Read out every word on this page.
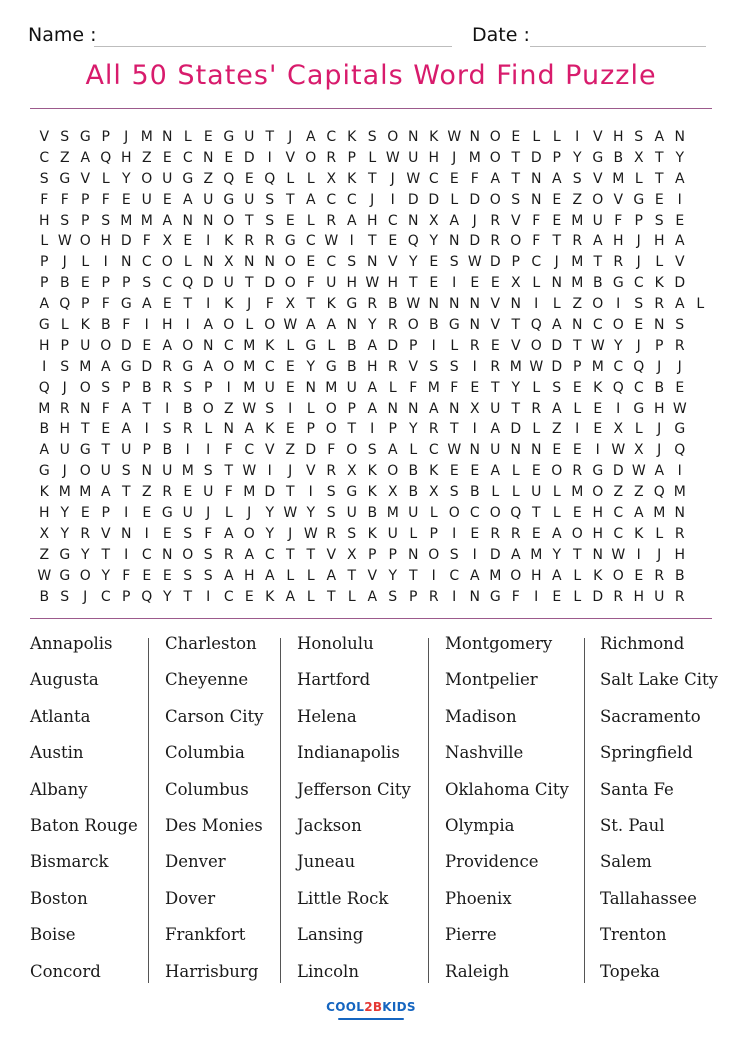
Name :	Date :
All 50 States' Capitals Word Find Puzzle
V S G P	J M N L E G U T	J A C K S O N K W N O E L L	I V H S A N
C Z A Q H Z E C N E D I V O R P L W U H J M O T D P Y G B X T Y
S G V L Y O U G Z Q E Q L L X K T	J W C E F A T N A S V M L T A
F F P F E U E A U G U S T A C C J	I D D L D O S N E Z O V G E	I
H S P S M M A N N O T S E L R A H C N X A J R V F E M U F P S E
L W O H D F X E	I K R R G C W I	T E Q Y N D R O F T R A H J H A
P	J	L	I N C O L N X N N O E C S N V Y E S W D P C J M T R J	L V
P B E P P S C Q D U T D O F U H W H T E	I	E E X L N M B G C K D
A Q P F G A E T	I K J	F X T K G R B W N N N V N I	L Z O I S R A L
G L K B F	I H I A O L O W A A N Y R O B G N V T Q A N C O E N S
H P U O D E A O N C M K L G L B A D P	I	L R E V O D T W Y	J	P R
I S M A G D R G A O M C E Y G B H R V S S I R M W D P M C Q J	J
Q J O S P B R S P	I M U E N M U A L F M F E T Y L S E K Q C B E
M R N F A T	I B O Z W S I	L O P A N N A N X U T R A L E	I G H W
B H T E A I S R L N A K E P O T	I	P Y R T	I A D L Z I	E X L	J G
A U G T U P B I	I	F C V Z D F O S A L C W N U N N E E	I W X J Q
G J O U S N U M S T W I	J V R X K O B K E E A L E O R G D W A I
K M M A T Z R E U F M D T	I S G K X B X S B L L U L M O Z Z Q M
H Y E P	I	E G U J	L	J	Y W Y S U B M U L O C O Q T L E H C A M N
X Y R V N I	E S F A O Y	J W R S K U L P	I	E R R E A O H C K L R
Z G Y T	I C N O S R A C T T V X P P N O S I D A M Y T N W I	J H
W G O Y F E E S S A H A L L A T V Y T	I C A M O H A L K O E R B
B S J C P Q Y T	I C E K A L T L A S P R I N G F	I	E L D R H U R
Annapolis
Augusta
Atlanta
Austin
Albany
Baton Rouge
Bismarck
Boston
Boise
Concord
Charleston
Cheyenne
Carson City
Columbia
Columbus
Des Monies
Denver
Dover
Frankfort
Harrisburg
Honolulu
Hartford
Helena
Indianapolis
Jefferson City
Jackson
Juneau
Little Rock
Lansing
Lincoln
Montgomery
Montpelier
Madison
Nashville
Oklahoma City
Olympia
Providence
Phoenix
Pierre
Raleigh
Richmond
Salt Lake City
Sacramento
Springfield
Santa Fe
St. Paul
Salem
Tallahassee
Trenton
Topeka
COOL2BKIDS
